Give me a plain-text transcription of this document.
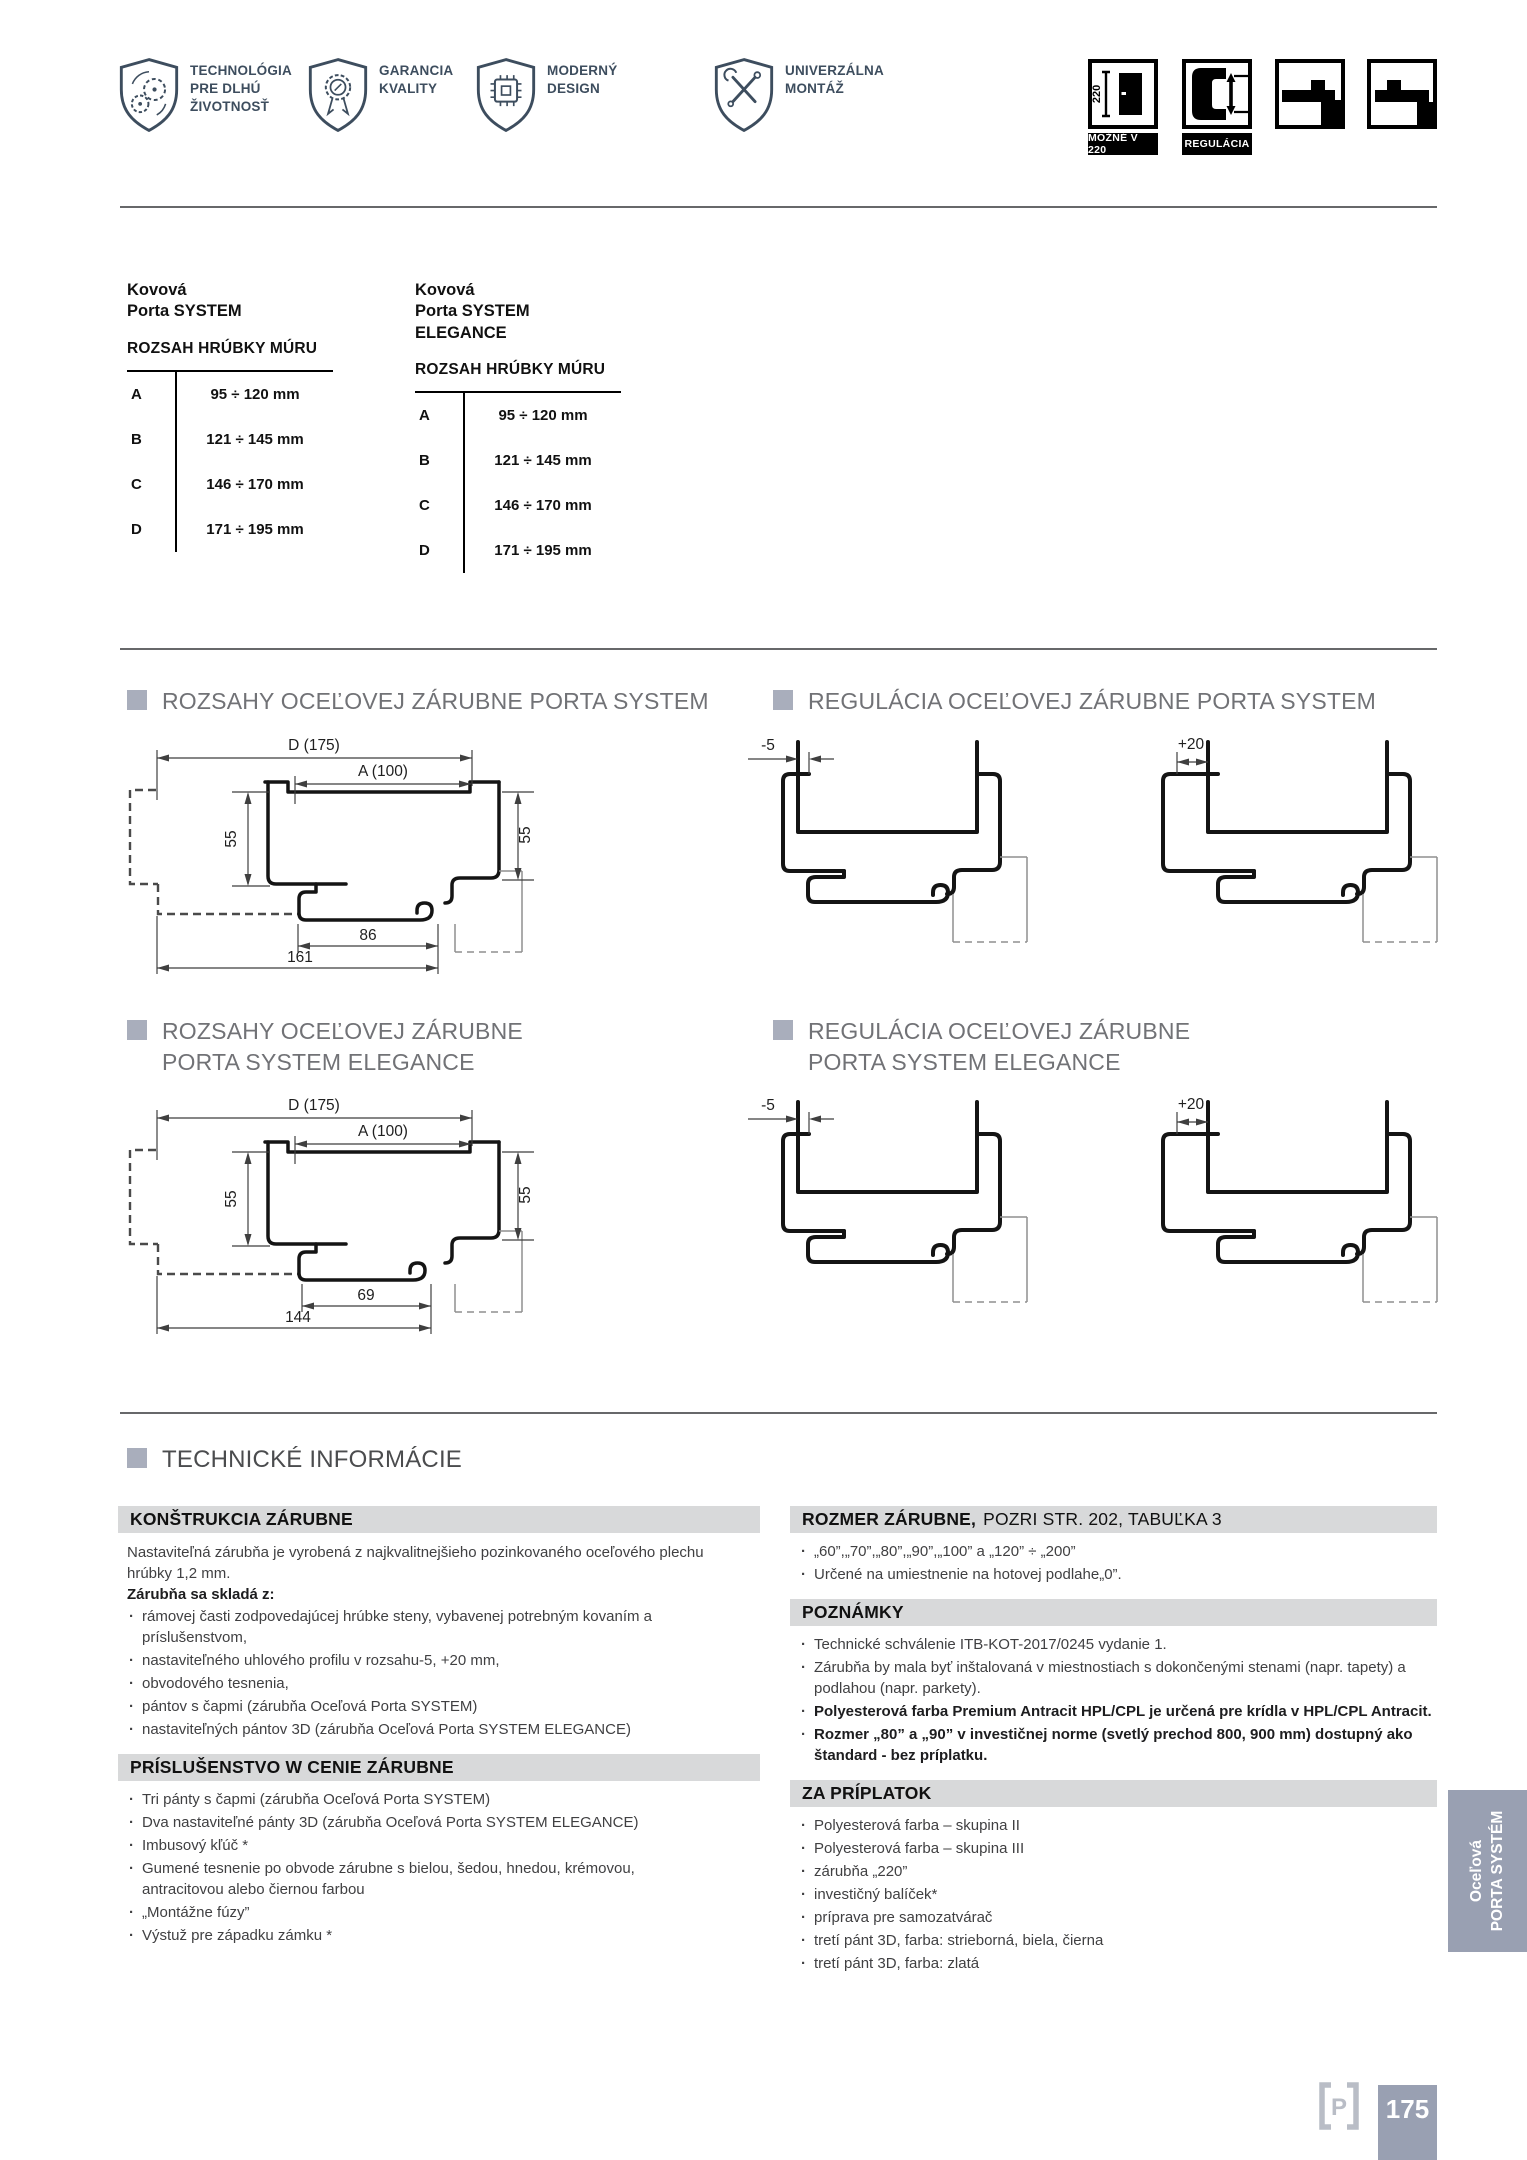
TECHNOLÓGIA PRE DLHÚ ŽIVOTNOSŤ
GARANCIA KVALITY
MODERNÝ DESIGN
UNIVERZÁLNA MONTÁŽ	220
MOŽNÉ V 220	REGULÁCIA
Kovová
Porta SYSTEM
ROZSAH HRÚBKY MÚRU
A	95 ÷ 120 mm
B	121 ÷ 145 mm
C	146 ÷ 170 mm
D	171 ÷ 195 mm
Kovová
Porta SYSTEM ELEGANCE
ROZSAH HRÚBKY MÚRU
A	95 ÷ 120 mm
B	121 ÷ 145 mm
C	146 ÷ 170 mm
D	171 ÷ 195 mm
ROZSAHY OCEĽOVEJ ZÁRUBNE PORTA SYSTEM	REGULÁCIA OCEĽOVEJ ZÁRUBNE PORTA SYSTEM
D (175)
A (100)
55	55
86
161
-5	+20
ROZSAHY OCEĽOVEJ ZÁRUBNE
PORTA SYSTEM ELEGANCE
REGULÁCIA OCEĽOVEJ ZÁRUBNE
PORTA SYSTEM ELEGANCE
D (175)
A (100)
55	55
69
144
-5	+20
TECHNICKÉ INFORMÁCIE
KONŠTRUKCIA ZÁRUBNE

Nastaviteľná zárubňa je vyrobená z najkvalitnejšieho pozinkovaného oceľového plechu hrúbky 1,2 mm.

Zárubňa sa skladá z:
· rámovej časti zodpovedajúcej hrúbke steny, vybavenej potrebným kovaním a príslušenstvom,
· nastaviteľného uhlového profilu v rozsahu-5, +20 mm,
· obvodového tesnenia,
· pántov s čapmi (zárubňa Oceľová Porta SYSTEM)
· nastaviteľných pántov 3D (zárubňa Oceľová Porta SYSTEM ELEGANCE)
PRÍSLUŠENSTVO W CENIE ZÁRUBNE
· Tri pánty s čapmi (zárubňa Oceľová Porta SYSTEM)
· Dva nastaviteľné pánty 3D (zárubňa Oceľová Porta SYSTEM ELEGANCE)
· Imbusový kľúč *
· Gumené tesnenie po obvode zárubne s bielou, šedou, hnedou, krémovou, antracitovou alebo čiernou farbou
· „Montážne fúzy”
· Výstuž pre západku zámku *
ROZMER ZÁRUBNE, POZRI STR. 202, TABUĽKA 3
· „60”,„70”,„80”,„90”,„100” a „120” ÷ „200”
· Určené na umiestnenie na hotovej podlahe„0”.
POZNÁMKY
· Technické schválenie ITB-KOT-2017/0245 vydanie 1.
· Zárubňa by mala byť inštalovaná v miestnostiach s dokončenými stenami (napr. tapety) a podlahou (napr. parkety).
· Polyesterová farba Premium Antracit HPL/CPL je určená pre krídla v HPL/CPL Antracit.
· Rozmer „80” a „90” v investičnej norme (svetlý prechod 800, 900 mm) dostupný ako štandard - bez príplatku.
ZA PRÍPLATOK
· Polyesterová farba – skupina II
· Polyesterová farba – skupina III
· zárubňa „220”
· investičný balíček*
· príprava pre samozatvárač
· tretí pánt 3D, farba: strieborná, biela, čierna
· tretí pánt 3D, farba: zlatá
Oceľová PORTA SYSTÉM
P 175
